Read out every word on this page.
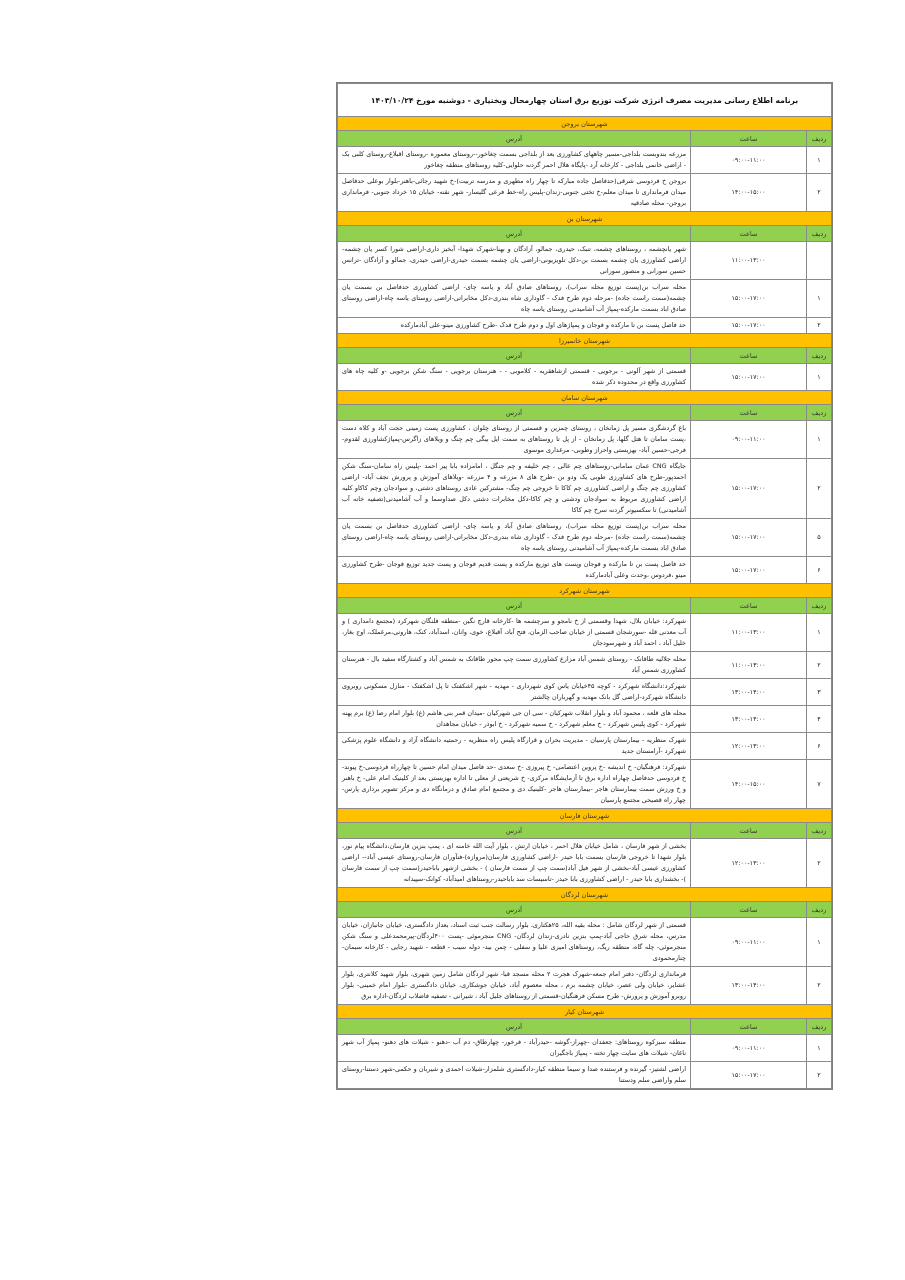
برنامه اطلاع رسانی مدیریت مصرف انرژی شرکت توزیع برق استان چهارمحال وبختیاری - دوشنبه مورخ ۱۴۰۳/۱۰/۲۴		
شهرستان بروجن		
ردیف	ساعت	آدرس
۱	۰۹:۰۰-۱۱:۰۰	مزرعه بندوبست بلداجی-مسیر چاههای کشاورزی بعد از بلداجی بسمت چغاخور--روستای معموره -روستای اقبلاغ-روستای کلبی بک - اراضی خانمی بلداجی - کارخانه آرد -پایگاه هلال احمر گردنه حلوایی-کلیه روستاهای منطقه چغاخور
۲	۱۴:۰۰-۱۵:۰۰	بروجن خ فردوسی شرقی(حدفاصل جاده مبارکه تا چهار راه مطهری و مدرسه تربیت)-خ شهید رجائی-باهنر-بلوار بوعلی حدفاصل میدان فرمانداری تا میدان معلم-خ تختی جنوبی-زندان-پلیس راه-خط فرعی گلیسار- شهر نقنه- خیابان ۱۵ خرداد جنوبی- فرمانداری بروجن- محله صادقیه
شهرستان بن		
ردیف	ساعت	آدرس
	۱۱:۰۰-۱۳:۰۰	شهر یانچشمه ، روستاهای چشمه، تنبک، حیدری، جمالو، آزادگان و بهنا-شهرک شهدا- آبخیز داری-اراضی شورا کسر یان چشمه-اراضی کشاورزی یان چشمه بسمت بن-دکل تلویزیونی-اراضی یان چشمه بسمت حیدری-اراضی حیدری، جمالو و آزادگان -ترانس حسین سورانی و منصور سورانی
۱	۱۵:۰۰-۱۷:۰۰	محله سراب بن(پست توزیع محله سراب)، روستاهای صادق آباد و یاسه چای- اراضی کشاورزی حدفاصل بن بسمت یان چشمه(سمت راست جاده) -مرحله دوم طرح فدک - گاوداری شاه بندری-دکل مخابراتی-اراضی روستای یاسه چاه-اراضی روستای صادق اباد بسمت مارکده-پمپاژ آب آشامیدنی روستای یاسه چاه
۲	۱۵:۰۰-۱۷:۰۰	حد فاصل پست بن تا مارکده و فوجان و پمپاژهای اول و دوم طرح فدک -طرح کشاورزی مینو-علی آبادمارکده
شهرستان خانمیرزا		
ردیف	ساعت	آدرس
۱	۱۵:۰۰-۱۷:۰۰	قسمتی از شهر آلونی - برجویی - قسمتی ازشاهقریه - کلاموبی - - هنرستان برجویی - سنگ شکن برجویی -و کلیه چاه های کشاورزی واقع در محدوده ذکر شده
شهرستان سامان		
ردیف	ساعت	آدرس
۱	۰۹:۰۰-۱۱:۰۰	باغ گردشگری مسیر پل زمانخان ، روستای چمزین و قسمتی از روستای چلوان ، کشاورزی پست زمینی حجت آباد و کلاه دست ،پست سامان تا هتل گلها، پل زمانخان - از پل تا روستاهای به سمت ایل بیگی چم چنگ و ویلاهای زاگرس-پمپاژکشاورزی لقدوم- فرجی-حسین آباد- بهزیستی واحراز وطوبی- مرغداری موسوی
۲	۱۵:۰۰-۱۷:۰۰	جایگاه CNG عمان سامانی-روستاهای چم عالی ، چم خلیفه و چم جنگل ، امامزاده بابا پیر احمد -پلیس راه سامان-سنگ شکن احمدپور-طرح های کشاورزی طوبی یک ودو بن -طرح های ۸ مزرعه و ۴ مزرعه -ویلاهای آموزش و پرورش نجف آباد- اراضی کشاورزی چم چنگ و اراضی کشاورزی چم کاکا تا خروجی چم چنگ- مشترکین عادی روستاهای دشتی، و سوادجان وچم کاکاو کلیه اراضی کشاورزی مربوط به سوادجان ودشتی و چم کاکا-دکل مخابرات دشتی دکل صداوسما و آب آشامیدنی(تصفیه خانه آب آشامیدنی) تا سکسیونر گردنه سرخ چم کاکا
۵	۱۵:۰۰-۱۷:۰۰	محله سراب بن(پست توزیع محله سراب)، روستاهای صادق آباد و یاسه چای- اراضی کشاورزی حدفاصل بن بسمت یان چشمه(سمت راست جاده) -مرحله دوم طرح فدک - گاوداری شاه بندری-دکل مخابراتی-اراضی روستای یاسه چاه-اراضی روستای صادق اباد بسمت مارکده-پمپاژ آب آشامیدنی روستای یاسه چاه
۶	۱۵:۰۰-۱۷:۰۰	حد فاصل پست بن تا مارکده و فوجان وپست های توزیع مارکده و پست قدیم فوجان و پست جدید توزیع فوجان -طرح کشاورزی مینو ،فردوس ،وحدت وعلی آبادمارکده
شهرستان شهرکرد		
ردیف	ساعت	آدرس
۱	۱۱:۰۰-۱۳:۰۰	شهرکرد: خیابان بلال، شهدا وقسمتی از خ نامجو و سرچشمه ها -کارخانه قارچ نگین -منطقه فلنگان شهرکرد (مجتمع دامداری ) و آب معدنی قله -سورشجان قسمتی از خیابان صاحب الزمان، فتح آباد، آقبلاغ، خوی، وانان، اسدآباد، کنک، هارونی،مرغملک، اوج بغار، خلیل آباد ، احمد آباد و شهرسودجان
۲	۱۱:۰۰-۱۳:۰۰	محله جلالیه طاقانک - روستای شمس آباد مزارع کشاورزی سمت چپ محور طاقانک به شمس آباد و کشتارگاه سفید بال - هنرستان کشاورزی شمس آباد
۳	۱۳:۰۰-۱۴:۰۰	شهرکرد:دانشگاه شهرکرد - کوچه ۴۵خیابان یاس کوی شهرداری - مهدیه - شهر اشکفتک تا پل اشکفتک - منازل مسکونی روبروی دانشگاه شهرکرد-اراضی گل بانک مهدیه و گهرباران چالشتر
۴	۱۳:۰۰-۱۴:۰۰	محله های قلعه ، محمود آباد و بلوار انقلاب شهرکیان - سی ان جی شهرکیان -میدان قمر بنی هاشم (ع) بلوار امام رضا (ع) برم پهنه شهرکرد - کوی پلیس شهرکرد - خ معلم شهرکرد - خ سمیه شهرکرد - خ ابوذر - خیابان مجاهدان
۶	۱۲:۰۰-۱۳:۰۰	شهرک منظریه - بیمارستان پارسیان - مدیریت بحران و قرارگاه پلیس راه منظریه - رحمتیه دانشگاه آزاد و دانشگاه علوم پزشکی شهرکرد -آرامستان جدید
۷	۱۴:۰۰-۱۵:۰۰	شهرکرد: فرهنگیان- خ اندیشه -خ پروین اعتصامی- خ پیروزی -خ سعدی -حد فاصل میدان امام حسین تا چهارراه فردوسی-خ پیوند- خ فردوسی حدفاصل چهاراه اداره برق تا آزمایشگاه مرکزی- خ شریعتی از معلی تا اداره بهزیستی بعد از کلینیک امام علی- خ باهنر و خ ورزش سمت بیمارستان هاجر -بیمارستان هاجر -کلینیک دی و مجتمع امام صادق و درمانگاه دی و مرکز تصویر برداری پارس-چهار راه قصیحی مجتمع پارسیان
شهرستان فارسان		
ردیف	ساعت	آدرس
۲	۱۲:۰۰-۱۳:۰۰	بخشی از شهر فارسان ، شامل خیابان هلال احمر ، خیابان ارتش ، بلوار آیت الله خامنه ای ، پمپ بنزین فارسان،دانشگاه پیام نور، بلوار شهدا تا خروجی فارسان بسمت بابا حیدر -اراضی کشاورزی فارسان(مروازه)-فنآوران فارسان-روستای عیسی آباد-- اراضی کشاورزی عیسی آباد-بخشی از شهر فیل آباد(سمت چپ از سمت فارسان ) - بخشی ازشهر باباحیدر(سمت چپ از سمت فارسان )- بخشداری بابا حیدر - اراضی کشاورزی بابا حیدر -تاسیسات سد باباحیدر-روستاهای امیدآباد- کوانک-سپیدانه
شهرستان لردگان		
ردیف	ساعت	آدرس
۱	۰۹:۰۰-۱۱:۰۰	قسمتی از شهر لردگان شامل : محله بقیه الله، ۲۵هکتاری، بلوار رسالت جنب ثبت اسناد، بعداز دادگستری، خیابان جانبازان، خیابان مدرس، محله شرق حاجی آباد-پمپ بنزین نادری-زندان لردگان- CNG منجرموئی -پست ۴۰۰لردگان-پیرمحمدعلی و سنگ شکن منجرموئی- چله گاه، منطقه ریگ، روستاهای امیری علیا و سفلی - چمن بید- دوله سیب - قطعه - شهید رجایی - کارخانه سیمان-چنارمحمودی
۲	۱۳:۰۰-۱۴:۰۰	فرمانداری لردگان- دفتر امام جمعه-شهرک هجرت ۲ محله مسجد قبا- شهر لردگان شامل زمین شهری، بلوار شهید کلانتری، بلوار عشایر، خیابان ولی عصر، خیابان چشمه برم ، محله معصوم آباد، خیابان جوشکاری، خیابان دادگستری -بلوار امام خمینی- بلوار روبرو آموزش و پرورش- طرح مسکن فرهنگیان-قسمتی از روستاهای جلیل آباد ، شیرانی - تصفیه فاضلاب لردگان-اداره برق
شهرستان کیار		
ردیف	ساعت	آدرس
۱	۰۹:۰۰-۱۱:۰۰	منطقه سبزکوه روستاهای: جعفدان -چهراز-گوشه -حیدرآباد - فرخور- چهارطاق- دم آب -دهنو - شیلات های دهنو- پمپاژ آب شهر ناغان- شیلات های سایت چهار تخته - پمپاژ باجگیران
۲	۱۵:۰۰-۱۷:۰۰	اراضی لشتیز- گیرنده و فرستنده صدا و سیما منطقه کیار-دادگستری شلمزار-شیلات احمدی و شیربان و حکمی-شهر دستنا-روستای سلم واراضی سلم ودستنا
